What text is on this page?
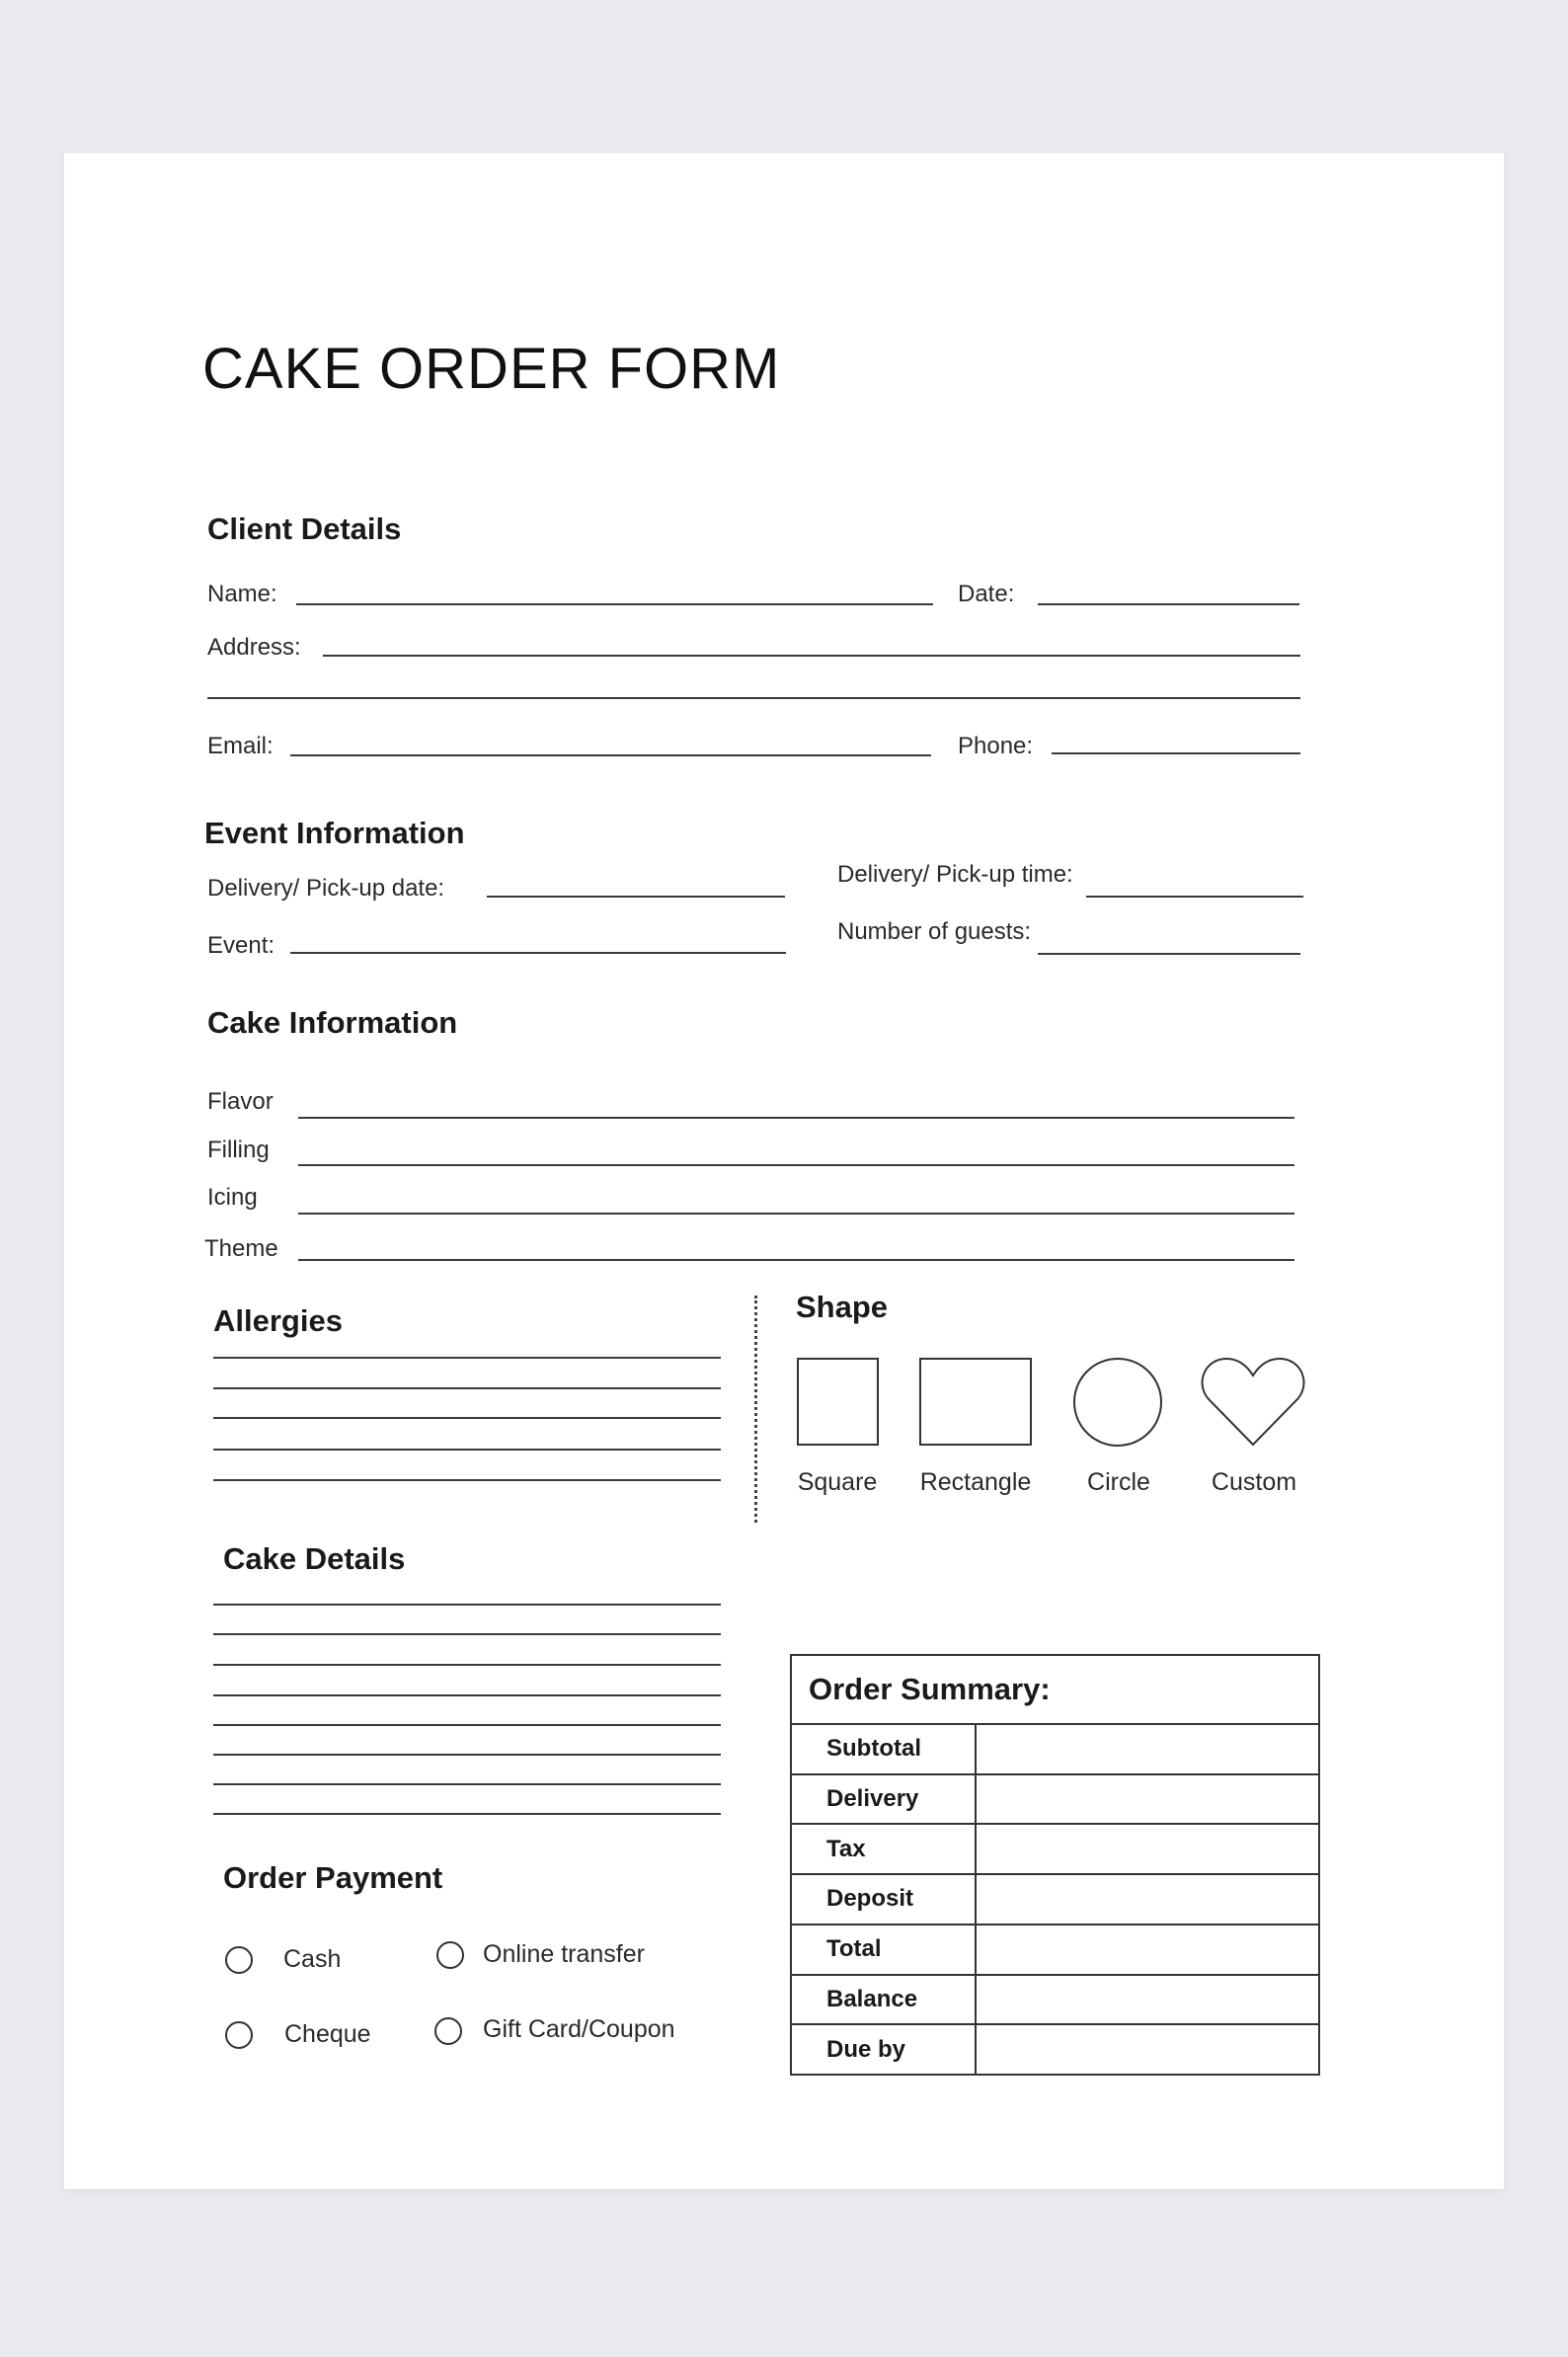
CAKE ORDER FORM
Client Details
Name:	Date:
Address:
Email:	Phone:
Event Information
Delivery/ Pick-up date:
Delivery/ Pick-up time:
Event:
Number of guests:
Cake Information
Flavor
Filling
Icing
Theme
Allergies	Shape
Square	Rectangle	Circle	Custom
Cake Details
Order Payment
Cash	Online transfer
Cheque	Gift Card/Coupon
Order Summary:	
Subtotal	
Delivery	
Tax	
Deposit	
Total	
Balance	
Due by	
